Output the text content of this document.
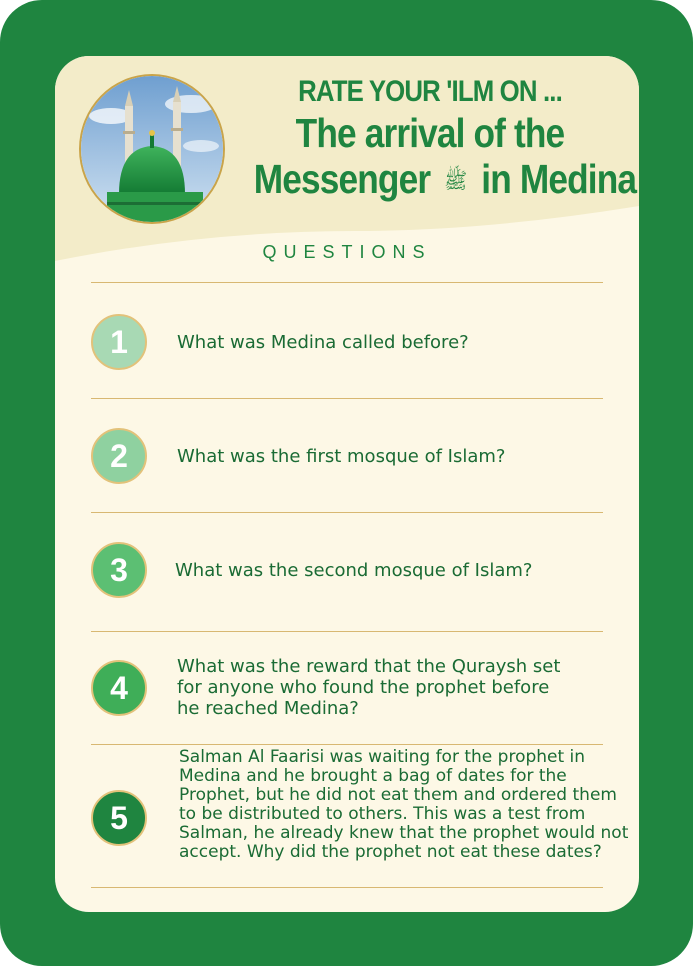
RATE YOUR 'ILM ON ...
The arrival of the
Messenger ﷺ in Medina
QUESTIONS
1	What was Medina called before?
2	What was the first mosque of Islam?
3	What was the second mosque of Islam?
4
What was the reward that the Quraysh set for anyone who found the prophet before he reached Medina?
5
Salman Al Faarisi was waiting for the prophet in Medina and he brought a bag of dates for the Prophet, but he did not eat them and ordered them to be distributed to others. This was a test from Salman, he already knew that the prophet would not accept. Why did the prophet not eat these dates?
